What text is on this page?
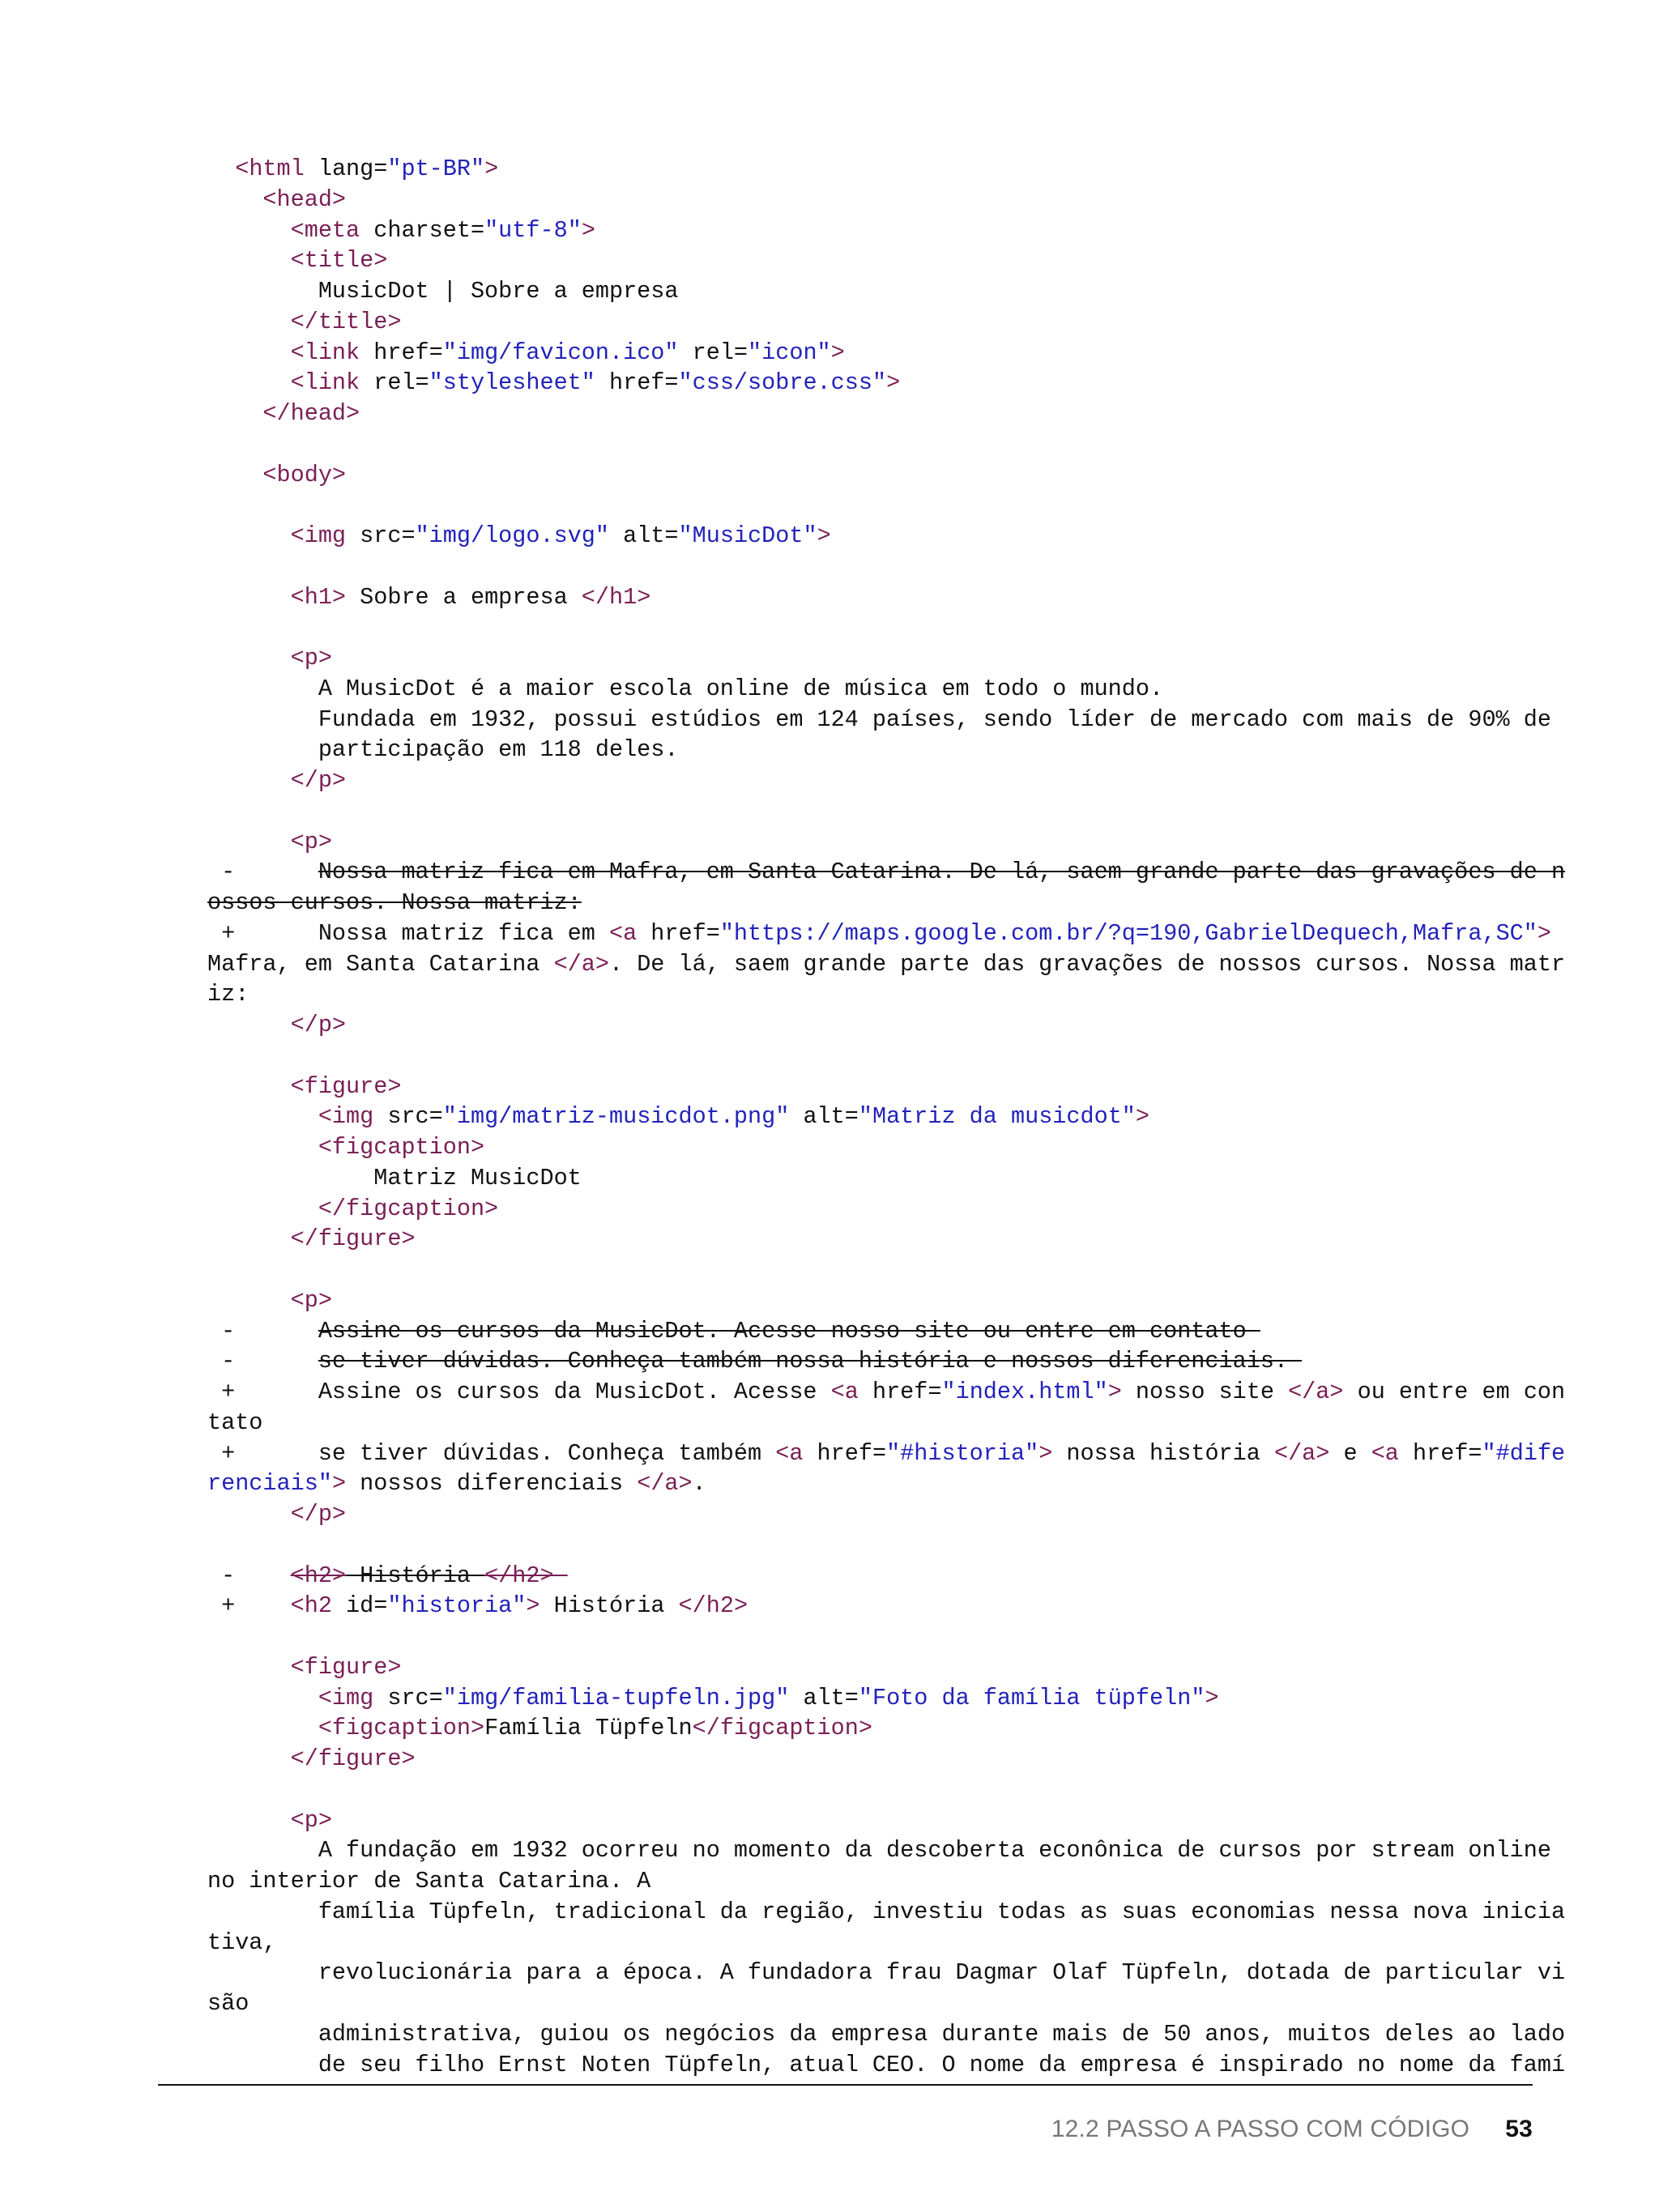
<html lang="pt-BR">
<head>
<meta charset="utf-8">
<title>
MusicDot | Sobre a empresa
</title>
<link href="img/favicon.ico" rel="icon">
<link rel="stylesheet" href="css/sobre.css">
</head>

<body>

<img src="img/logo.svg" alt="MusicDot">

<h1> Sobre a empresa </h1>

<p>
A MusicDot é a maior escola online de música em todo o mundo.
Fundada em 1932, possui estúdios em 124 países, sendo líder de mercado com mais de 90% de
participação em 118 deles.
</p>

<p>
-      Nossa matriz fica em Mafra, em Santa Catarina. De lá, saem grande parte das gravações de n
ossos cursos. Nossa matriz:
+      Nossa matriz fica em <a href="https://maps.google.com.br/?q=190,GabrielDequech,Mafra,SC">
Mafra, em Santa Catarina </a>. De lá, saem grande parte das gravações de nossos cursos. Nossa matr
iz:
</p>

<figure>
<img src="img/matriz-musicdot.png" alt="Matriz da musicdot">
<figcaption>
Matriz MusicDot
</figcaption>
</figure>

<p>
-      Assine os cursos da MusicDot. Acesse nosso site ou entre em contato
-      se tiver dúvidas. Conheça também nossa história e nossos diferenciais.
+      Assine os cursos da MusicDot. Acesse <a href="index.html"> nosso site </a> ou entre em con
tato
+      se tiver dúvidas. Conheça também <a href="#historia"> nossa história </a> e <a href="#dife
renciais"> nossos diferenciais </a>.
</p>

-    <h2> História </h2>
+    <h2 id="historia"> História </h2>

<figure>
<img src="img/familia-tupfeln.jpg" alt="Foto da família tüpfeln">
<figcaption>Família Tüpfeln</figcaption>
</figure>

<p>
A fundação em 1932 ocorreu no momento da descoberta econônica de cursos por stream online
no interior de Santa Catarina. A
família Tüpfeln, tradicional da região, investiu todas as suas economias nessa nova inicia
tiva,
revolucionária para a época. A fundadora frau Dagmar Olaf Tüpfeln, dotada de particular vi
são
administrativa, guiou os negócios da empresa durante mais de 50 anos, muitos deles ao lado
de seu filho Ernst Noten Tüpfeln, atual CEO. O nome da empresa é inspirado no nome da famí
12.2 PASSO A PASSO COM CÓDIGO 53
